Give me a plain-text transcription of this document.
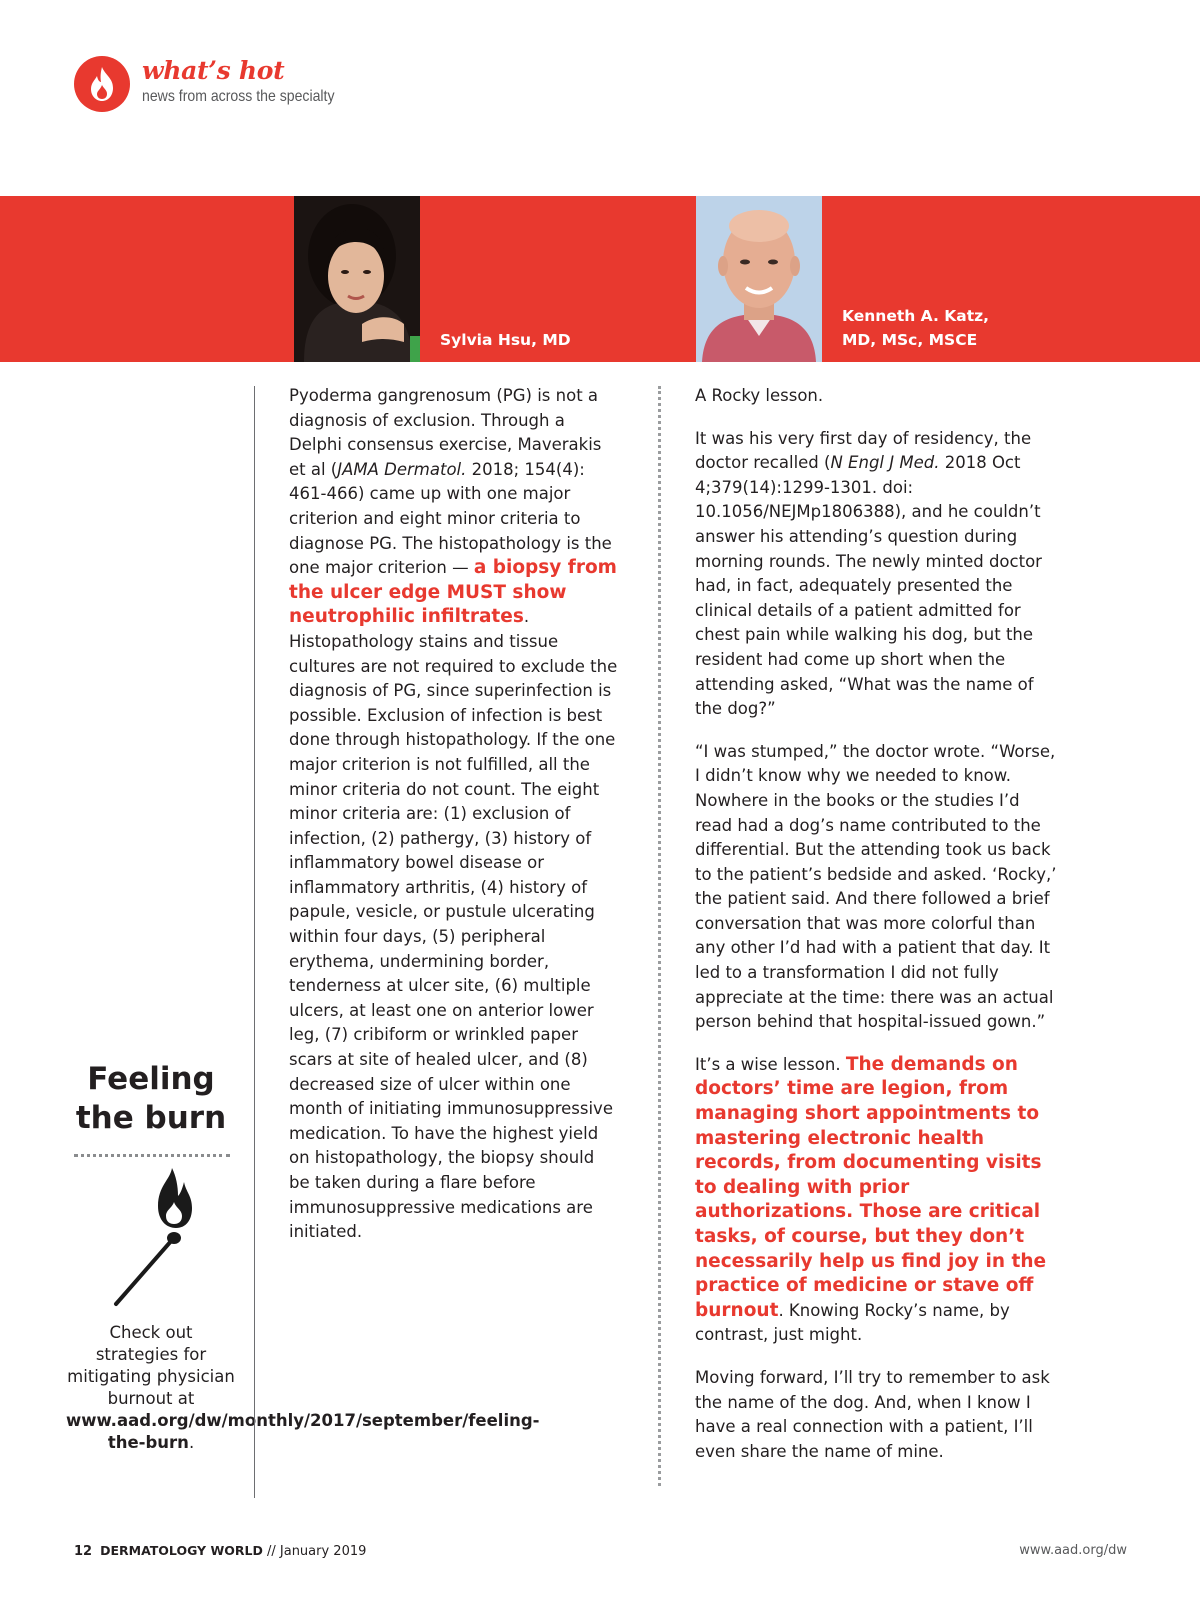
what’s hot
news from across the specialty
Sylvia Hsu, MD
Kenneth A. Katz,
MD, MSc, MSCE
Feeling
the burn
Check out strategies for mitigating physician burnout at www.aad.org/dw/monthly/2017/september/feeling-the-burn.

Pyoderma gangrenosum (PG) is not a diagnosis of exclusion. Through a Delphi consensus exercise, Maverakis et al (JAMA Dermatol. 2018; 154(4): 461-466) came up with one major criterion and eight minor criteria to diagnose PG. The histopathology is the one major criterion — a biopsy from the ulcer edge MUST show neutrophilic infiltrates. Histopathology stains and tissue cultures are not required to exclude the diagnosis of PG, since superinfection is possible. Exclusion of infection is best done through histopathology. If the one major criterion is not fulfilled, all the minor criteria do not count. The eight minor criteria are: (1) exclusion of infection, (2) pathergy, (3) history of inflammatory bowel disease or inflammatory arthritis, (4) history of papule, vesicle, or pustule ulcerating within four days, (5) peripheral erythema, undermining border, tenderness at ulcer site, (6) multiple ulcers, at least one on anterior lower leg, (7) cribiform or wrinkled paper scars at site of healed ulcer, and (8) decreased size of ulcer within one month of initiating immunosuppressive medication. To have the highest yield on histopathology, the biopsy should be taken during a flare before immunosuppressive medications are initiated.

A Rocky lesson.

It was his very first day of residency, the doctor recalled (N Engl J Med. 2018 Oct 4;379(14):1299-1301. doi: 10.1056/NEJMp1806388), and he couldn’t answer his attending’s question during morning rounds. The newly minted doctor had, in fact, adequately presented the clinical details of a patient admitted for chest pain while walking his dog, but the resident had come up short when the attending asked, “What was the name of the dog?”

“I was stumped,” the doctor wrote. “Worse, I didn’t know why we needed to know. Nowhere in the books or the studies I’d read had a dog’s name contributed to the differential. But the attending took us back to the patient’s bedside and asked. ‘Rocky,’ the patient said. And there followed a brief conversation that was more colorful than any other I’d had with a patient that day. It led to a transformation I did not fully appreciate at the time: there was an actual person behind that hospital-issued gown.”

It’s a wise lesson. The demands on doctors’ time are legion, from managing short appointments to mastering electronic health records, from documenting visits to dealing with prior authorizations. Those are critical tasks, of course, but they don’t necessarily help us find joy in the practice of medicine or stave off burnout. Knowing Rocky’s name, by contrast, just might.

Moving forward, I’ll try to remember to ask the name of the dog. And, when I know I have a real connection with a patient, I’ll even share the name of mine.

12 DERMATOLOGY WORLD // January 2019	www.aad.org/dw
